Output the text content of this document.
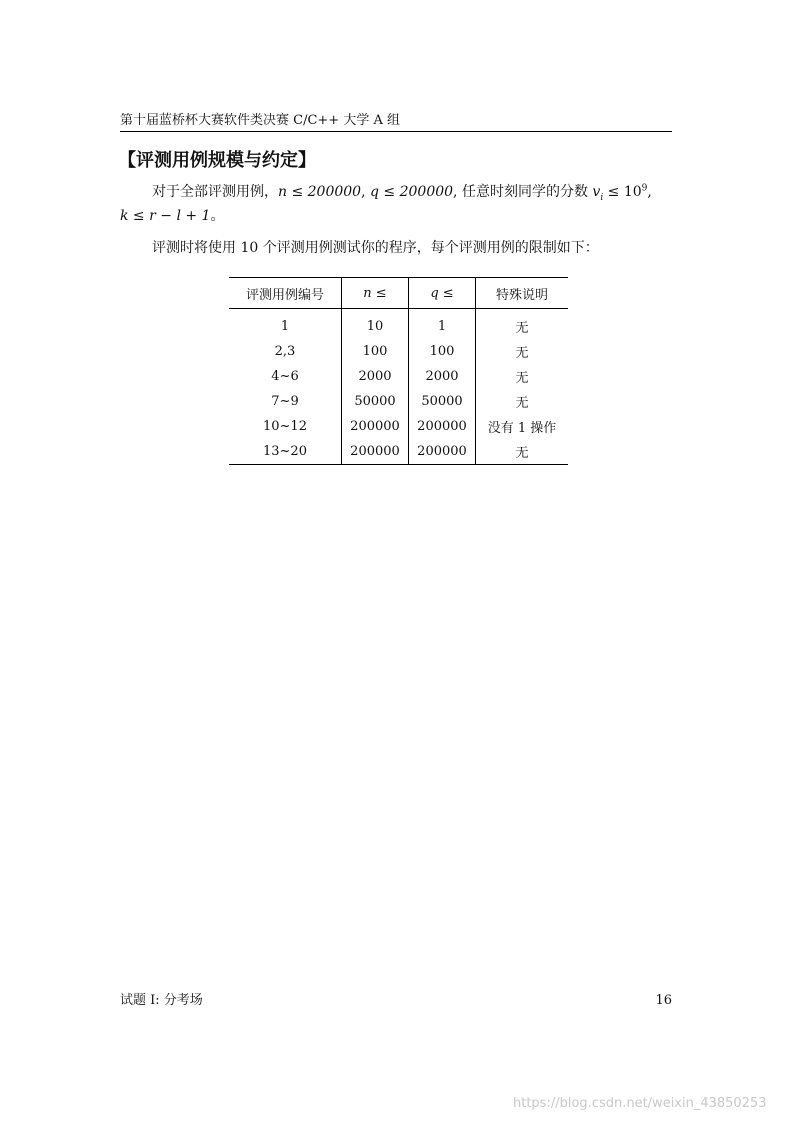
第十届蓝桥杯大赛软件类决赛 C/C++ 大学 A 组
【评测用例规模与约定】
对于全部评测用例，n ≤ 200000, q ≤ 200000, 任意时刻同学的分数 $v_i \le 10^9$,
k ≤ r − l + 1。
评测时将使用 10 个评测用例测试你的程序，每个评测用例的限制如下：
评测用例编号	n ≤	q ≤	特殊说明
1	10	1	无
2,3	100	100	无
4~6	2000	2000	无
7~9	50000	50000	无
10~12	200000	200000	没有 1 操作
13~20	200000	200000	无
试题 I: 分考场	16
https://blog.csdn.net/weixin_43850253
